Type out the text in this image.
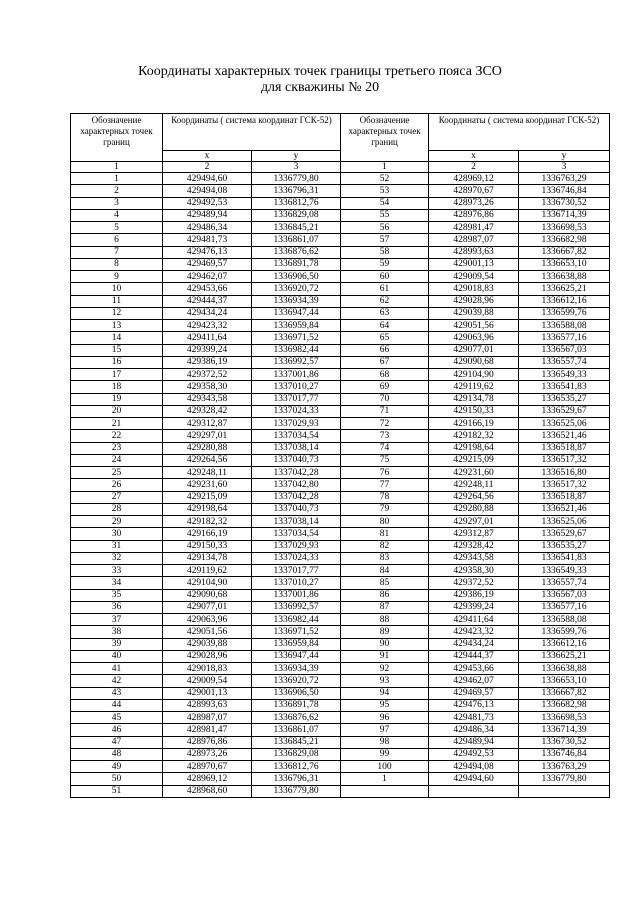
Координаты характерных точек границы третьего пояса ЗСО
для скважины № 20
Обозначение характерных точек границ	Координаты ( система координат ГСК-52)		Обозначение характерных точек границ	Координаты ( система координат ГСК-52)	
	x	y		x	y
1	2	3	1	2	3
1	429494,60	1336779,80	52	428969,12	1336763,29
2	429494,08	1336796,31	53	428970,67	1336746,84
3	429492,53	1336812,76	54	428973,26	1336730,52
4	429489,94	1336829,08	55	428976,86	1336714,39
5	429486,34	1336845,21	56	428981,47	1336698,53
6	429481,73	1336861,07	57	428987,07	1336682,98
7	429476,13	1336876,62	58	428993,63	1336667,82
8	429469,57	1336891,78	59	429001,13	1336653,10
9	429462,07	1336906,50	60	429009,54	1336638,88
10	429453,66	1336920,72	61	429018,83	1336625,21
11	429444,37	1336934,39	62	429028,96	1336612,16
12	429434,24	1336947,44	63	429039,88	1336599,76
13	429423,32	1336959,84	64	429051,56	1336588,08
14	429411,64	1336971,52	65	429063,96	1336577,16
15	429399,24	1336982,44	66	429077,01	1336567,03
16	429386,19	1336992,57	67	429090,68	1336557,74
17	429372,52	1337001,86	68	429104,90	1336549,33
18	429358,30	1337010,27	69	429119,62	1336541,83
19	429343,58	1337017,77	70	429134,78	1336535,27
20	429328,42	1337024,33	71	429150,33	1336529,67
21	429312,87	1337029,93	72	429166,19	1336525,06
22	429297,01	1337034,54	73	429182,32	1336521,46
23	429280,88	1337038,14	74	429198,64	1336518,87
24	429264,56	1337040,73	75	429215,09	1336517,32
25	429248,11	1337042,28	76	429231,60	1336516,80
26	429231,60	1337042,80	77	429248,11	1336517,32
27	429215,09	1337042,28	78	429264,56	1336518,87
28	429198,64	1337040,73	79	429280,88	1336521,46
29	429182,32	1337038,14	80	429297,01	1336525,06
30	429166,19	1337034,54	81	429312,87	1336529,67
31	429150,33	1337029,93	82	429328,42	1336535,27
32	429134,78	1337024,33	83	429343,58	1336541,83
33	429119,62	1337017,77	84	429358,30	1336549,33
34	429104,90	1337010,27	85	429372,52	1336557,74
35	429090,68	1337001,86	86	429386,19	1336567,03
36	429077,01	1336992,57	87	429399,24	1336577,16
37	429063,96	1336982,44	88	429411,64	1336588,08
38	429051,56	1336971,52	89	429423,32	1336599,76
39	429039,88	1336959,84	90	429434,24	1336612,16
40	429028,96	1336947,44	91	429444,37	1336625,21
41	429018,83	1336934,39	92	429453,66	1336638,88
42	429009,54	1336920,72	93	429462,07	1336653,10
43	429001,13	1336906,50	94	429469,57	1336667,82
44	428993,63	1336891,78	95	429476,13	1336682,98
45	428987,07	1336876,62	96	429481,73	1336698,53
46	428981,47	1336861,07	97	429486,34	1336714,39
47	428976,86	1336845,21	98	429489,94	1336730,52
48	428973,26	1336829,08	99	429492,53	1336746,84
49	428970,67	1336812,76	100	429494,08	1336763,29
50	428969,12	1336796,31	1	429494,60	1336779,80
51	428968,60	1336779,80			
